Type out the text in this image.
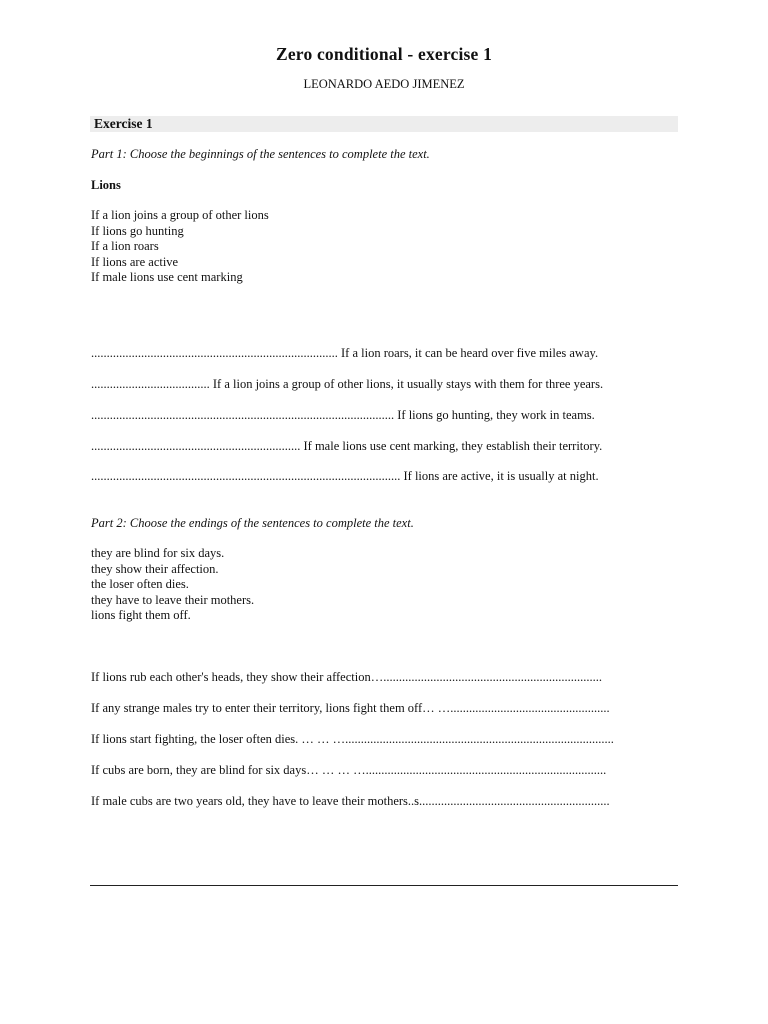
Zero conditional - exercise 1
LEONARDO AEDO JIMENEZ
Exercise 1
Part 1: Choose the beginnings of the sentences to complete the text.
Lions
If a lion joins a group of other lions
If lions go hunting
If a lion roars
If lions are active
If male lions use cent marking
............................................................................... If a lion roars, it can be heard over five miles away.
...................................... If a lion joins a group of other lions, it usually stays with them for three years.
................................................................................................. If lions go hunting, they work in teams.
................................................................... If male lions use cent marking, they establish their territory.
................................................................................................... If lions are active, it is usually at night.
Part 2: Choose the endings of the sentences to complete the text.
they are blind for six days.
they show their affection.
the loser often dies.
they have to leave their mothers.
lions fight them off.
If lions rub each other's heads, they show their affection…......................................................................
If any strange males try to enter their territory, lions fight them off… …...................................................
If lions start fighting, the loser often dies. … … …......................................................................................
If cubs are born, they are blind for six days… … … ….............................................................................
If male cubs are two years old, they have to leave their mothers..s.............................................................
